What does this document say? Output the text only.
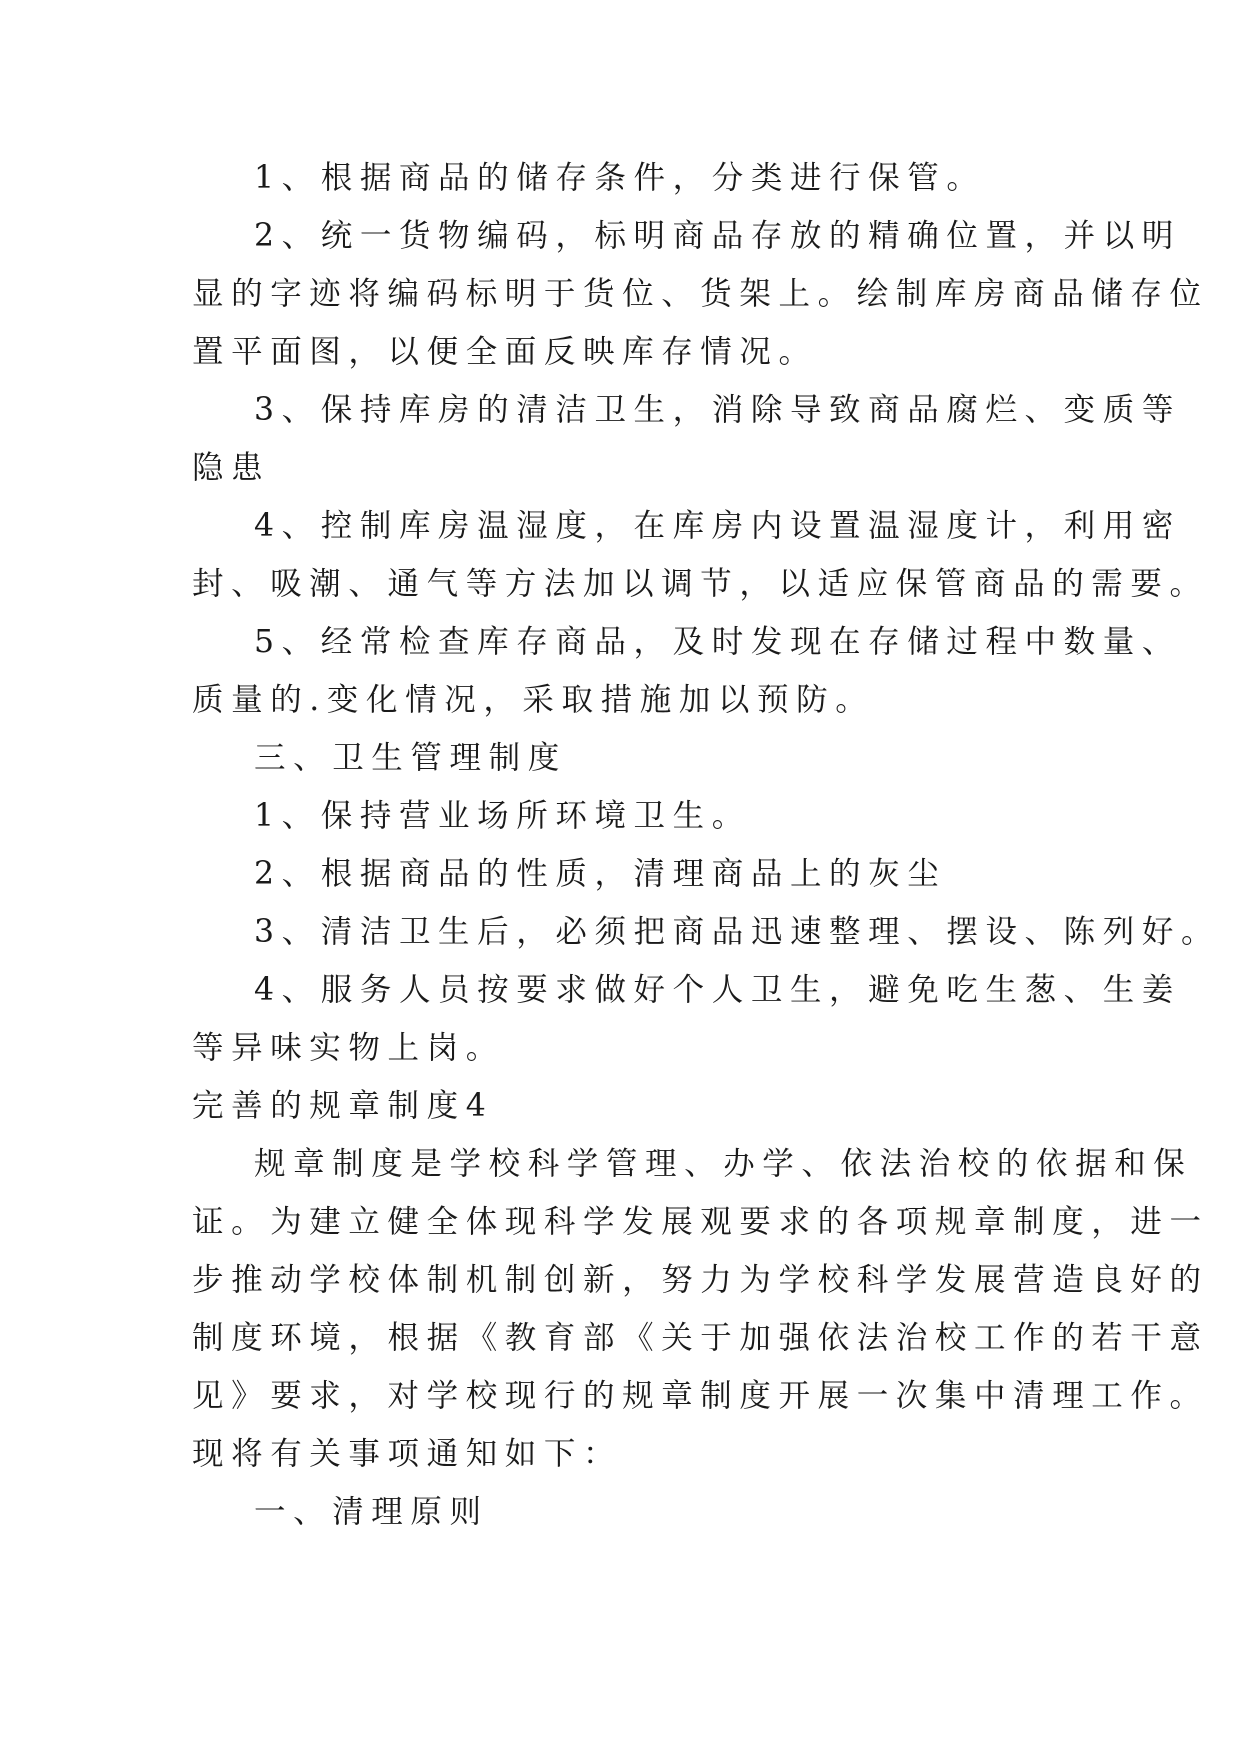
1、根据商品的储存条件，分类进行保管。
2、统一货物编码，标明商品存放的精确位置，并以明
显的字迹将编码标明于货位、货架上。绘制库房商品储存位
置平面图，以便全面反映库存情况。
3、保持库房的清洁卫生，消除导致商品腐烂、变质等
隐患
4、控制库房温湿度，在库房内设置温湿度计，利用密
封、吸潮、通气等方法加以调节，以适应保管商品的需要。
5、经常检查库存商品，及时发现在存储过程中数量、
质量的.变化情况，采取措施加以预防。
三、卫生管理制度
1、保持营业场所环境卫生。
2、根据商品的性质，清理商品上的灰尘
3、清洁卫生后，必须把商品迅速整理、摆设、陈列好。
4、服务人员按要求做好个人卫生，避免吃生葱、生姜
等异味实物上岗。
完善的规章制度4
规章制度是学校科学管理、办学、依法治校的依据和保
证。为建立健全体现科学发展观要求的各项规章制度，进一
步推动学校体制机制创新，努力为学校科学发展营造良好的
制度环境，根据《教育部《关于加强依法治校工作的若干意
见》要求，对学校现行的规章制度开展一次集中清理工作。
现将有关事项通知如下：
一、清理原则
